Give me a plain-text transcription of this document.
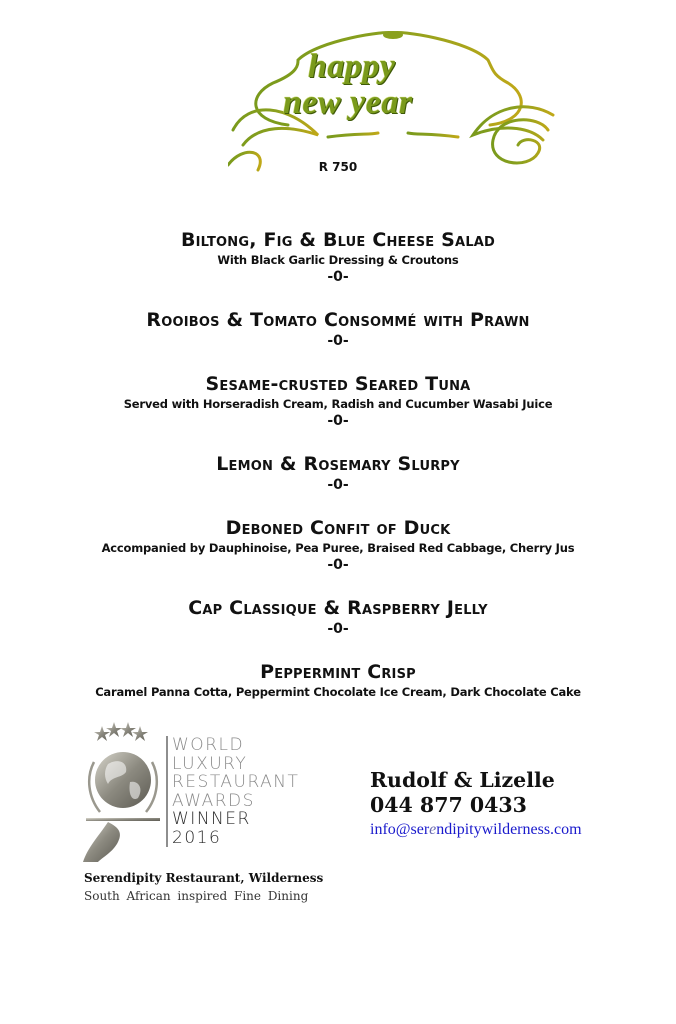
happy
new year
R 750
Biltong, Fig & Blue Cheese Salad
With Black Garlic Dressing & Croutons
-0-
Rooibos & Tomato Consommé with Prawn
-0-
Sesame-crusted Seared Tuna
Served with Horseradish Cream, Radish and Cucumber Wasabi Juice
-0-
Lemon & Rosemary Slurpy
-0-
Deboned Confit of Duck
Accompanied by Dauphinoise, Pea Puree, Braised Red Cabbage, Cherry Jus
-0-
Cap Classique & Raspberry Jelly
-0-
Peppermint Crisp
Caramel Panna Cotta, Peppermint Chocolate Ice Cream, Dark Chocolate Cake
WORLD
LUXURY
RESTAURANT
AWARDS
WINNER
2016
Serendipity Restaurant, Wilderness
South African inspired Fine Dining
Rudolf & Lizelle
044 877 0433
info@serendipitywilderness.com
